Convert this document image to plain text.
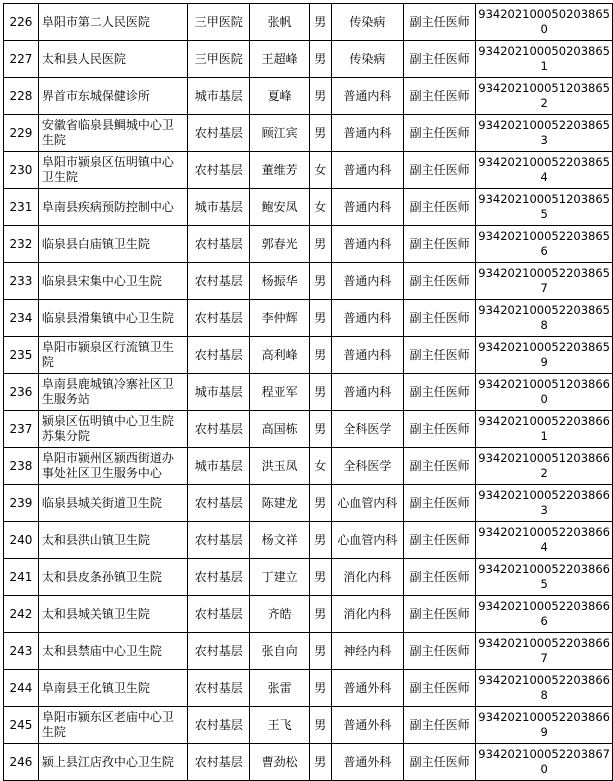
226	阜阳市第二人民医院	三甲医院	张帆	男	传染病	副主任医师	934202100050203865​0
227	太和县人民医院	三甲医院	王超峰	男	传染病	副主任医师	934202100050203865​1
228	界首市东城保健诊所	城市基层	夏峰	男	普通内科	副主任医师	934202100051203865​2
229	安徽省临泉县鲷城中心卫生院	农村基层	顾江宾	男	普通内科	副主任医师	934202100052203865​3
230	阜阳市颍泉区伍明镇中心卫生院	农村基层	董维芳	女	普通内科	副主任医师	934202100052203865​4
231	阜南县疾病预防控制中心	城市基层	鲍安凤	女	普通内科	副主任医师	934202100051203865​5
232	临泉县白庙镇卫生院	农村基层	郭春光	男	普通内科	副主任医师	934202100052203865​6
233	临泉县宋集中心卫生院	农村基层	杨振华	男	普通内科	副主任医师	934202100052203865​7
234	临泉县滑集镇中心卫生院	农村基层	李仲辉	男	普通内科	副主任医师	934202100052203865​8
235	阜阳市颍泉区行流镇卫生院	农村基层	高利峰	男	普通内科	副主任医师	934202100052203865​9
236	阜南县鹿城镇冷寨社区卫生服务站	城市基层	程亚军	男	普通内科	副主任医师	934202100051203866​0
237	颍泉区伍明镇中心卫生院苏集分院	农村基层	高国栋	男	全科医学	副主任医师	934202100052203866​1
238	阜阳市颍州区颍西街道办事处社区卫生服务中心	城市基层	洪玉凤	女	全科医学	副主任医师	934202100051203866​2
239	临泉县城关街道卫生院	农村基层	陈建龙	男	心血管内科	副主任医师	934202100052203866​3
240	太和县洪山镇卫生院	农村基层	杨文祥	男	心血管内科	副主任医师	934202100052203866​4
241	太和县皮条孙镇卫生院	农村基层	丁建立	男	消化内科	副主任医师	934202100052203866​5
242	太和县城关镇卫生院	农村基层	齐皓	男	消化内科	副主任医师	934202100052203866​6
243	太和县禁庙中心卫生院	农村基层	张自向	男	神经内科	副主任医师	934202100052203866​7
244	阜南县王化镇卫生院	农村基层	张雷	男	普通外科	副主任医师	934202100052203866​8
245	阜阳市颍东区老庙中心卫生院	农村基层	王飞	男	普通外科	副主任医师	934202100052203866​9
246	颍上县江店孜中心卫生院	农村基层	曹劲松	男	普通外科	副主任医师	934202100052203867​0
